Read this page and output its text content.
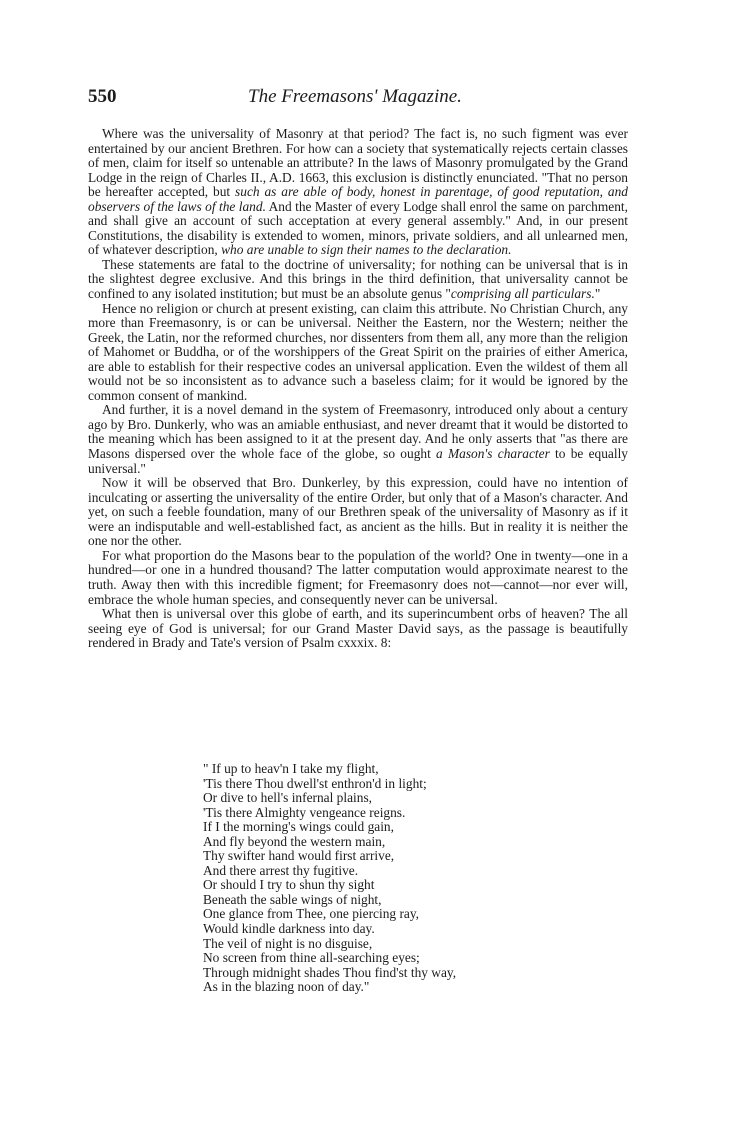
550	The Freemasons' Magazine.

Where was the universality of Masonry at that period? The fact is, no such figment was ever entertained by our ancient Brethren. For how can a society that systematically rejects certain classes of men, claim for itself so untenable an attribute? In the laws of Masonry promulgated by the Grand Lodge in the reign of Charles II., A.D. 1663, this exclusion is distinctly enunciated. "That no person be hereafter accepted, but such as are able of body, honest in parentage, of good reputation, and observers of the laws of the land. And the Master of every Lodge shall enrol the same on parchment, and shall give an account of such acceptation at every general assembly." And, in our present Constitutions, the disability is extended to women, minors, private soldiers, and all unlearned men, of whatever description, who are unable to sign their names to the declaration.

These statements are fatal to the doctrine of universality; for nothing can be universal that is in the slightest degree exclusive. And this brings in the third definition, that universality cannot be confined to any isolated institution; but must be an absolute genus "comprising all particulars."

Hence no religion or church at present existing, can claim this attribute. No Christian Church, any more than Freemasonry, is or can be universal. Neither the Eastern, nor the Western; neither the Greek, the Latin, nor the reformed churches, nor dissenters from them all, any more than the religion of Mahomet or Buddha, or of the worshippers of the Great Spirit on the prairies of either America, are able to establish for their respective codes an universal application. Even the wildest of them all would not be so inconsistent as to advance such a baseless claim; for it would be ignored by the common consent of mankind.

And further, it is a novel demand in the system of Freemasonry, introduced only about a century ago by Bro. Dunkerly, who was an amiable enthusiast, and never dreamt that it would be distorted to the meaning which has been assigned to it at the present day. And he only asserts that "as there are Masons dispersed over the whole face of the globe, so ought a Mason's character to be equally universal."

Now it will be observed that Bro. Dunkerley, by this expression, could have no intention of inculcating or asserting the universality of the entire Order, but only that of a Mason's character. And yet, on such a feeble foundation, many of our Brethren speak of the universality of Masonry as if it were an indisputable and well-established fact, as ancient as the hills. But in reality it is neither the one nor the other.

For what proportion do the Masons bear to the population of the world? One in twenty—one in a hundred—or one in a hundred thousand? The latter computation would approximate nearest to the truth. Away then with this incredible figment; for Freemasonry does not—cannot—nor ever will, embrace the whole human species, and consequently never can be universal.

What then is universal over this globe of earth, and its superincumbent orbs of heaven? The all seeing eye of God is universal; for our Grand Master David says, as the passage is beautifully rendered in Brady and Tate's version of Psalm cxxxix. 8:

" If up to heav'n I take my flight,
'Tis there Thou dwell'st enthron'd in light;
Or dive to hell's infernal plains,
'Tis there Almighty vengeance reigns.
If I the morning's wings could gain,
And fly beyond the western main,
Thy swifter hand would first arrive,
And there arrest thy fugitive.
Or should I try to shun thy sight
Beneath the sable wings of night,
One glance from Thee, one piercing ray,
Would kindle darkness into day.
The veil of night is no disguise,
No screen from thine all-searching eyes;
Through midnight shades Thou find'st thy way,
As in the blazing noon of day."
